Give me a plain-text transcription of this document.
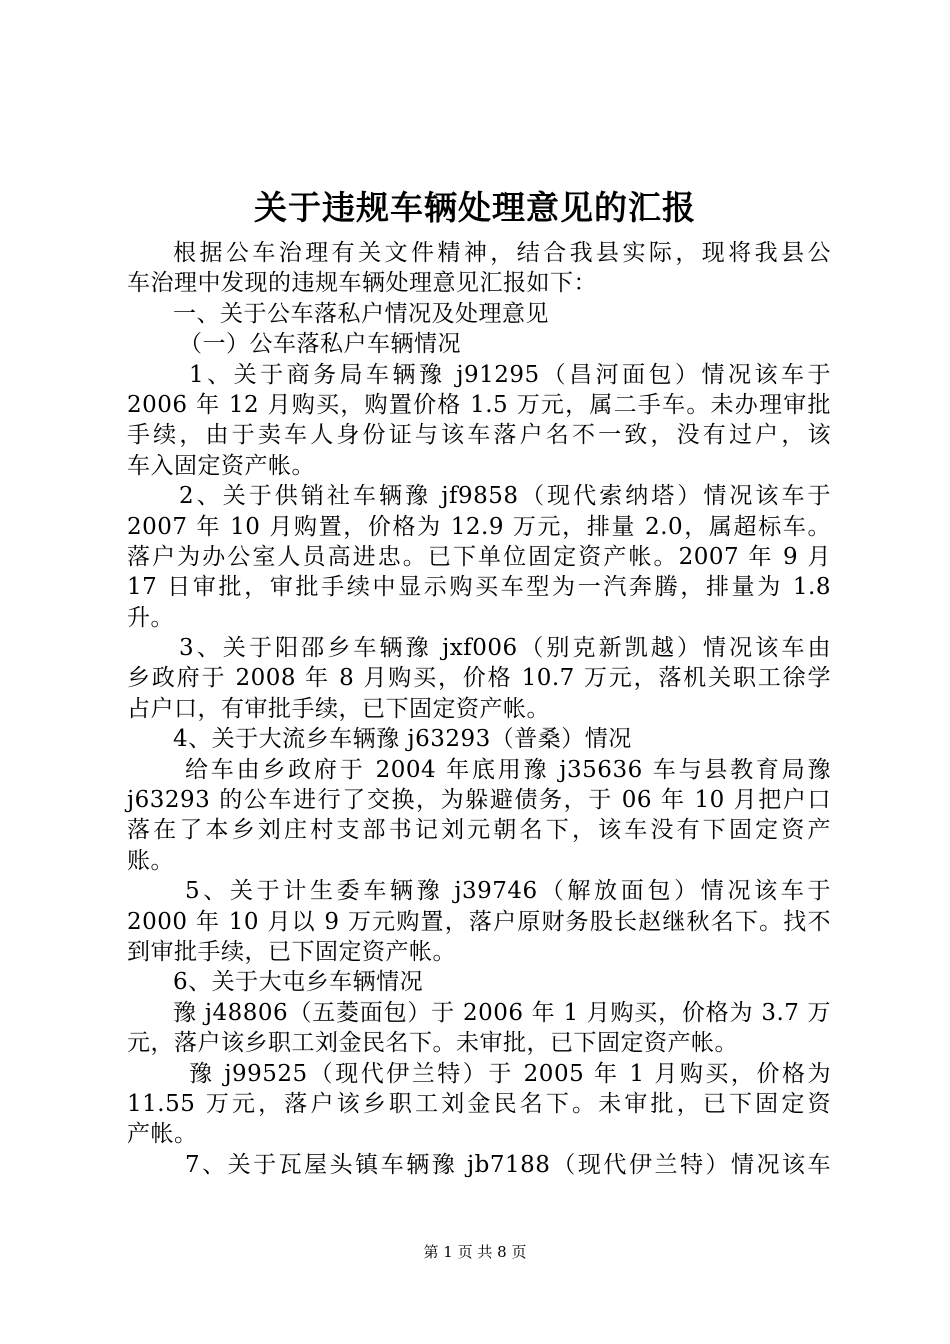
关于违规车辆处理意见的汇报
根据公车治理有关文件精神，结合我县实际，现将我县公
车治理中发现的违规车辆处理意见汇报如下：
一、关于公车落私户情况及处理意见
（一）公车落私户车辆情况
1、关于商务局车辆豫 j91295（昌河面包）情况该车于
2006 年 12 月购买，购置价格 1.5 万元，属二手车。未办理审批
手续，由于卖车人身份证与该车落户名不一致，没有过户，该
车入固定资产帐。
2、关于供销社车辆豫 jf9858（现代索纳塔）情况该车于
2007 年 10 月购置，价格为 12.9 万元，排量 2.0，属超标车。
落户为办公室人员高进忠。已下单位固定资产帐。2007 年 9 月
17 日审批，审批手续中显示购买车型为一汽奔腾，排量为 1.8
升。
3、关于阳邵乡车辆豫 jxf006（别克新凯越）情况该车由
乡政府于 2008 年 8 月购买，价格 10.7 万元，落机关职工徐学
占户口，有审批手续，已下固定资产帐。
4、关于大流乡车辆豫 j63293（普桑）情况
给车由乡政府于 2004 年底用豫 j35636 车与县教育局豫
j63293 的公车进行了交换，为躲避债务，于 06 年 10 月把户口
落在了本乡刘庄村支部书记刘元朝名下，该车没有下固定资产
账。
5、关于计生委车辆豫 j39746（解放面包）情况该车于
2000 年 10 月以 9 万元购置，落户原财务股长赵继秋名下。找不
到审批手续，已下固定资产帐。
6、关于大屯乡车辆情况
豫 j48806（五菱面包）于 2006 年 1 月购买，价格为 3.7 万
元，落户该乡职工刘金民名下。未审批，已下固定资产帐。
豫 j99525（现代伊兰特）于 2005 年 1 月购买，价格为
11.55 万元，落户该乡职工刘金民名下。未审批，已下固定资
产帐。
7、关于瓦屋头镇车辆豫 jb7188（现代伊兰特）情况该车
第 1 页 共 8 页
